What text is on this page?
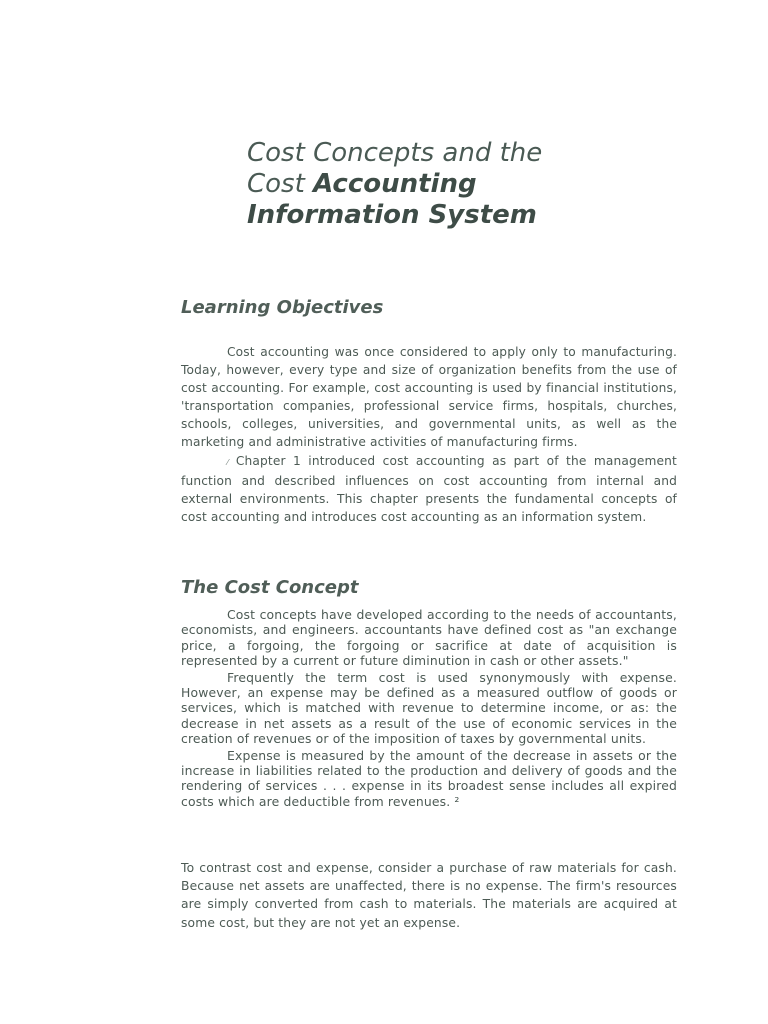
Cost Concepts and the
Cost Accounting
Information System
Learning Objectives

Cost accounting was once considered to apply only to manufacturing. Today, however, every type and size of organization benefits from the use of cost accounting. For example, cost accounting is used by financial institutions, 'transportation companies, professional service firms, hospitals, churches, schools, colleges, universities, and governmental units, as well as the marketing and administrative activities of manufacturing firms.

⁄ Chapter 1 introduced cost accounting as part of the management function and described influences on cost accounting from internal and external environments. This chapter presents the fundamental concepts of cost accounting and introduces cost accounting as an information system.

The Cost Concept

Cost concepts have developed according to the needs of accountants, economists, and engineers. accountants have defined cost as "an exchange price, a forgoing, the forgoing or sacrifice at date of acquisition is represented by a current or future diminution in cash or other assets."

Frequently the term cost is used synonymously with expense. However, an expense may be defined as a measured outflow of goods or services, which is matched with revenue to determine income, or as: the decrease in net assets as a result of the use of economic services in the creation of revenues or of the imposition of taxes by governmental units.

Expense is measured by the amount of the decrease in assets or the increase in liabilities related to the production and delivery of goods and the rendering of services . . . expense in its broadest sense includes all expired costs which are deductible from revenues. ²

To contrast cost and expense, consider a purchase of raw materials for cash. Because net assets are unaffected, there is no expense. The firm's resources are simply converted from cash to materials. The materials are acquired at some cost, but they are not yet an expense.
